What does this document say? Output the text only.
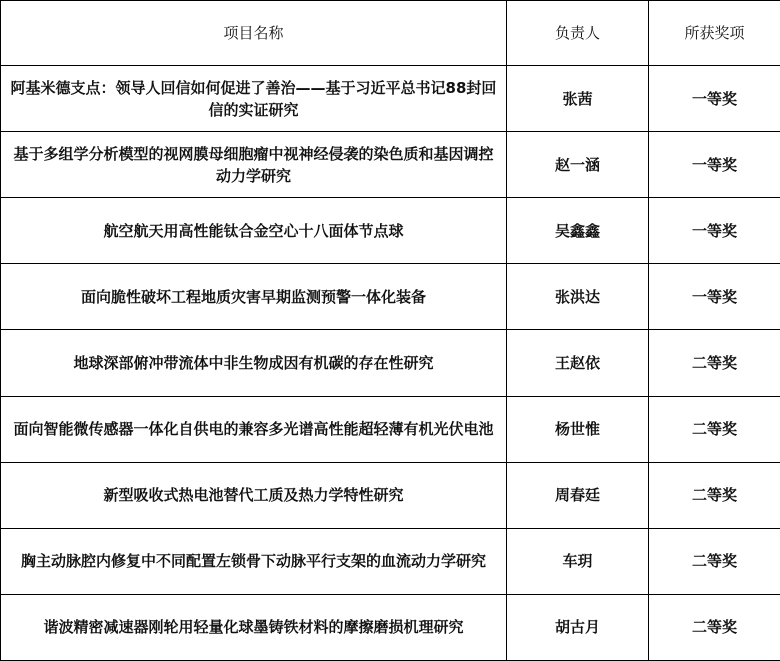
项目名称	负责人	所获奖项
阿基米德支点：领导人回信如何促进了善治——基于习近平总书记88封回信的实证研究	张茜	一等奖
基于多组学分析模型的视网膜母细胞瘤中视神经侵袭的染色质和基因调控动力学研究	赵一涵	一等奖
航空航天用高性能钛合金空心十八面体节点球	吴鑫鑫	一等奖
面向脆性破坏工程地质灾害早期监测预警一体化装备	张洪达	一等奖
地球深部俯冲带流体中非生物成因有机碳的存在性研究	王赵依	二等奖
面向智能微传感器一体化自供电的兼容多光谱高性能超轻薄有机光伏电池	杨世惟	二等奖
新型吸收式热电池替代工质及热力学特性研究	周春廷	二等奖
胸主动脉腔内修复中不同配置左锁骨下动脉平行支架的血流动力学研究	车玥	二等奖
谐波精密减速器刚轮用轻量化球墨铸铁材料的摩擦磨损机理研究	胡古月	二等奖
